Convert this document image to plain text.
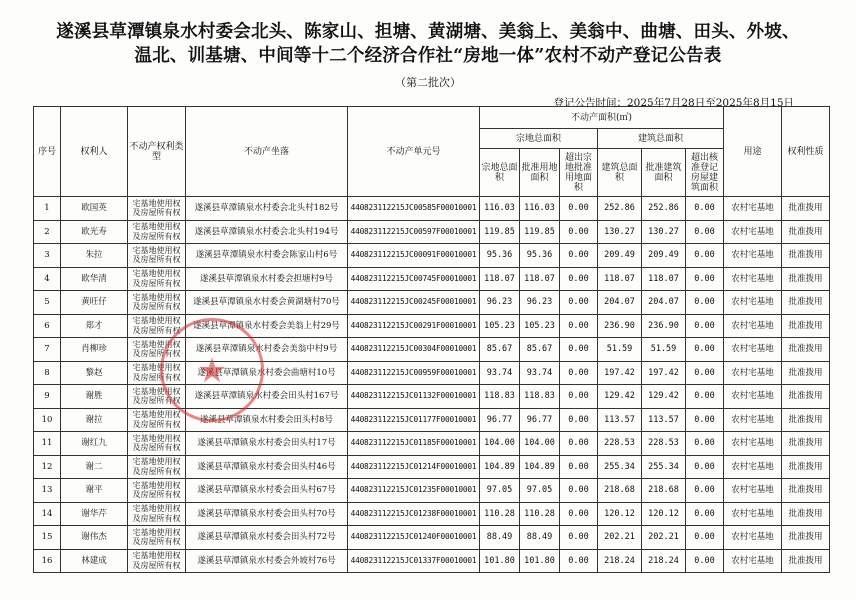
遂溪县草潭镇泉水村委会北头、陈家山、担塘、黄湖塘、美翁上、美翁中、曲塘、田头、外坡、
温北、训基塘、中间等十二个经济合作社“房地一体”农村不动产登记公告表
（第二批次）
登记公告时间：2025年7月28日至2025年8月15日
序号	权利人	不动产权利类型	不动产坐落	不动产单元号	不动产面积(㎡)						用途	权利性质
					宗地总面积			建筑总面积				
					宗地总面积	批准用地面积	超出宗地批准用地面积	建筑总面积	批准建筑面积	超出核准登记房屋建筑面积		
1	欧国英	宅基地使用权及房屋所有权	遂溪县草潭镇泉水村委会北头村182号	440823112215JC00585F00010001	116.03	116.03	0.00	252.86	252.86	0.00	农村宅基地	批准拨用
2	欧光寿	宅基地使用权及房屋所有权	遂溪县草潭镇泉水村委会北头村194号	440823112215JC00597F00010001	119.85	119.85	0.00	130.27	130.27	0.00	农村宅基地	批准拨用
3	朱拉	宅基地使用权及房屋所有权	遂溪县草潭镇泉水村委会陈家山村6号	440823112215JC00091F00010001	95.36	95.36	0.00	209.49	209.49	0.00	农村宅基地	批准拨用
4	欧华清	宅基地使用权及房屋所有权	遂溪县草潭镇泉水村委会担塘村9号	440823112215JC00745F00010001	118.07	118.07	0.00	118.07	118.07	0.00	农村宅基地	批准拨用
5	黄旺仔	宅基地使用权及房屋所有权	遂溪县草潭镇泉水村委会黄湖塘村70号	440823112215JC00245F00010001	96.23	96.23	0.00	204.07	204.07	0.00	农村宅基地	批准拨用
6	郑才	宅基地使用权及房屋所有权	遂溪县草潭镇泉水村委会美翁上村29号	440823112215JC00291F00010001	105.23	105.23	0.00	236.90	236.90	0.00	农村宅基地	批准拨用
7	肖柳珍	宅基地使用权及房屋所有权	遂溪县草潭镇泉水村委会美翁中村9号	440823112215JC00304F00010001	85.67	85.67	0.00	51.59	51.59	0.00	农村宅基地	批准拨用
8	黎赵	宅基地使用权及房屋所有权	遂溪县草潭镇泉水村委会曲塘村10号	440823112215JC00959F00010001	93.74	93.74	0.00	197.42	197.42	0.00	农村宅基地	批准拨用
9	谢胜	宅基地使用权及房屋所有权	遂溪县草潭镇泉水村委会田头村167号	440823112215JC01132F00010001	118.83	118.83	0.00	129.42	129.42	0.00	农村宅基地	批准拨用
10	谢拉	宅基地使用权及房屋所有权	遂溪县草潭镇泉水村委会田头村8号	440823112215JC01177F00010001	96.77	96.77	0.00	113.57	113.57	0.00	农村宅基地	批准拨用
11	谢红九	宅基地使用权及房屋所有权	遂溪县草潭镇泉水村委会田头村17号	440823112215JC01185F00010001	104.00	104.00	0.00	228.53	228.53	0.00	农村宅基地	批准拨用
12	谢二	宅基地使用权及房屋所有权	遂溪县草潭镇泉水村委会田头村46号	440823112215JC01214F00010001	104.89	104.89	0.00	255.34	255.34	0.00	农村宅基地	批准拨用
13	谢平	宅基地使用权及房屋所有权	遂溪县草潭镇泉水村委会田头村67号	440823112215JC01235F00010001	97.05	97.05	0.00	218.68	218.68	0.00	农村宅基地	批准拨用
14	谢华芹	宅基地使用权及房屋所有权	遂溪县草潭镇泉水村委会田头村70号	440823112215JC01238F00010001	110.28	110.28	0.00	120.12	120.12	0.00	农村宅基地	批准拨用
15	谢伟杰	宅基地使用权及房屋所有权	遂溪县草潭镇泉水村委会田头村72号	440823112215JC01240F00010001	88.49	88.49	0.00	202.21	202.21	0.00	农村宅基地	批准拨用
16	林建成	宅基地使用权及房屋所有权	遂溪县草潭镇泉水村委会外坡村76号	440823112215JC01337F00010001	101.80	101.80	0.00	218.24	218.24	0.00	农村宅基地	批准拨用
★
